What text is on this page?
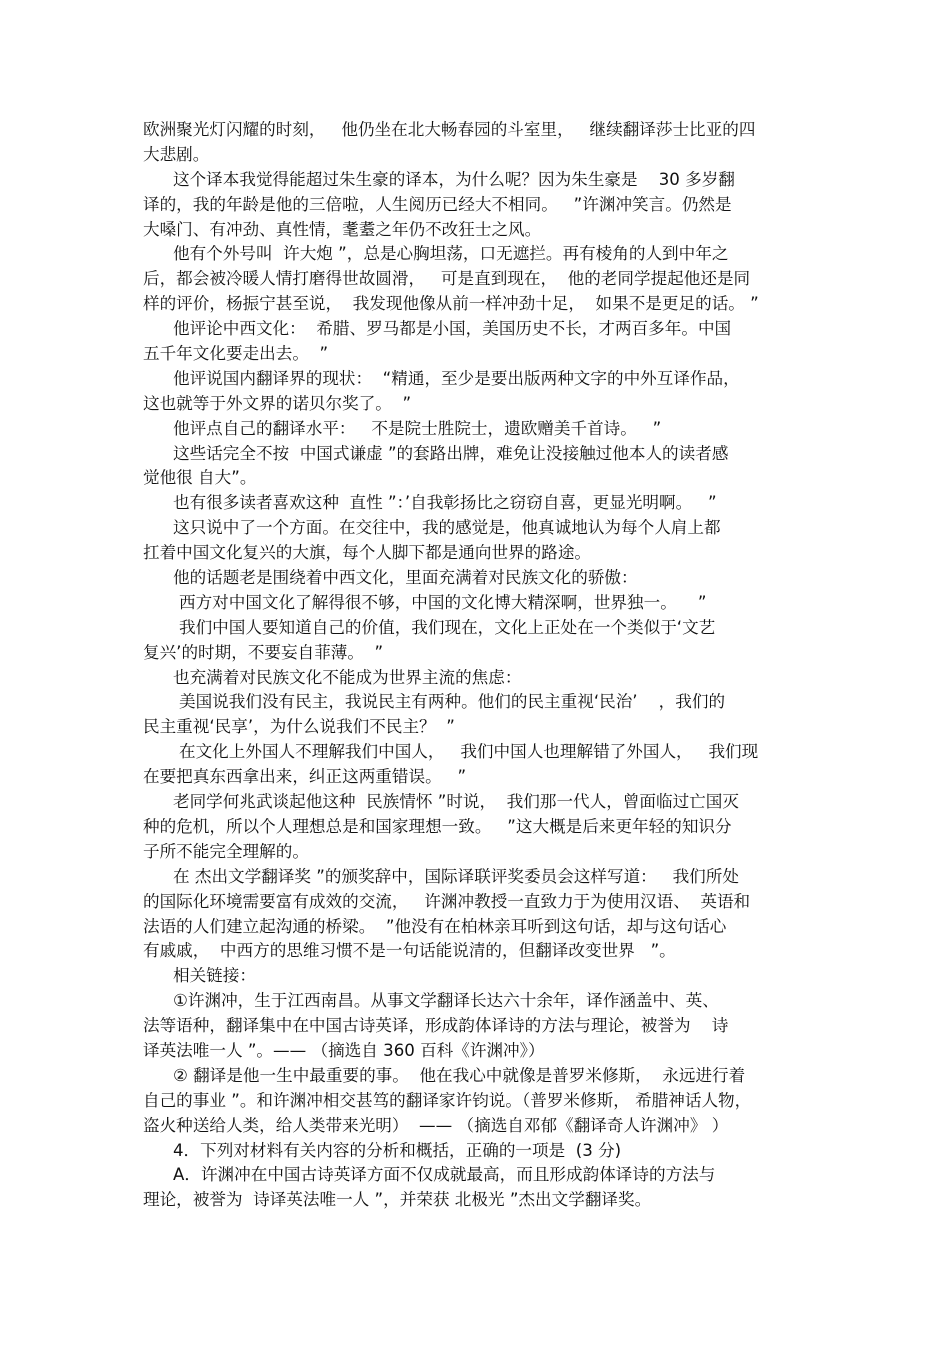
欧洲聚光灯闪耀的时刻，   他仍坐在北大畅春园的斗室里，   继续翻译莎士比亚的四
大悲剧。
这个译本我觉得能超过朱生豪的译本，为什么呢？因为朱生豪是    30 多岁翻
译的，我的年龄是他的三倍啦，人生阅历已经大不相同。   ”许渊冲笑言。仍然是
大嗓门、有冲劲、真性情，耄耋之年仍不改狂士之风。
他有个外号叫  许大炮 ”，总是心胸坦荡，口无遮拦。再有棱角的人到中年之
后，都会被冷暖人情打磨得世故圆滑，   可是直到现在，  他的老同学提起他还是同
样的评价，杨振宁甚至说，  我发现他像从前一样冲劲十足，  如果不是更足的话。 ”
他评论中西文化：  希腊、罗马都是小国，美国历史不长，才两百多年。中国
五千年文化要走出去。  ”
他评说国内翻译界的现状：  “精通，至少是要出版两种文字的中外互译作品，
这也就等于外文界的诺贝尔奖了。  ”
他评点自己的翻译水平：   不是院士胜院士，遗欧赠美千首诗。   ”
这些话完全不按  中国式谦虚 ”的套路出牌，难免让没接触过他本人的读者感
觉他很 自大”。
也有很多读者喜欢这种  直性 ”：’自我彰扬比之窃窃自喜，更显光明啊。   ”
这只说中了一个方面。在交往中，我的感觉是，他真诚地认为每个人肩上都
扛着中国文化复兴的大旗，每个人脚下都是通向世界的路途。
他的话题老是围绕着中西文化，里面充满着对民族文化的骄傲：
西方对中国文化了解得很不够，中国的文化博大精深啊，世界独一。    ”
我们中国人要知道自己的价值，我们现在，文化上正处在一个类似于‘文艺
复兴’的时期，不要妄自菲薄。  ”
也充满着对民族文化不能成为世界主流的焦虑：
美国说我们没有民主，我说民主有两种。他们的民主重视‘民治’    ，我们的
民主重视‘民享’，为什么说我们不民主？  ”
在文化上外国人不理解我们中国人，   我们中国人也理解错了外国人，   我们现
在要把真东西拿出来，纠正这两重错误。   ”
老同学何兆武谈起他这种  民族情怀 ”时说，  我们那一代人，曾面临过亡国灭
种的危机，所以个人理想总是和国家理想一致。   ”这大概是后来更年轻的知识分
子所不能完全理解的。
在 杰出文学翻译奖 ”的颁奖辞中，国际译联评奖委员会这样写道：   我们所处
的国际化环境需要富有成效的交流，   许渊冲教授一直致力于为使用汉语、  英语和
法语的人们建立起沟通的桥梁。  ”他没有在柏林亲耳听到这句话，却与这句话心
有戚戚，  中西方的思维习惯不是一句话能说清的，但翻译改变世界   ”。
相关链接：
①许渊冲，生于江西南昌。从事文学翻译长达六十余年，译作涵盖中、英、
法等语种，翻译集中在中国古诗英译，形成韵体译诗的方法与理论，被誉为    诗
译英法唯一人 ”。—— （摘选自 360 百科《许渊冲》）
② 翻译是他一生中最重要的事。  他在我心中就像是普罗米修斯，  永远进行着
自己的事业 ”。和许渊冲相交甚笃的翻译家许钧说。（普罗米修斯， 希腊神话人物，
盗火种送给人类，给人类带来光明）  —— （摘选自邓郁《翻译奇人许渊冲》 ）
4．下列对材料有关内容的分析和概括，正确的一项是  (3 分)
A．许渊冲在中国古诗英译方面不仅成就最高，而且形成韵体译诗的方法与
理论，被誉为  诗译英法唯一人 ”，并荣获 北极光 ”杰出文学翻译奖。
